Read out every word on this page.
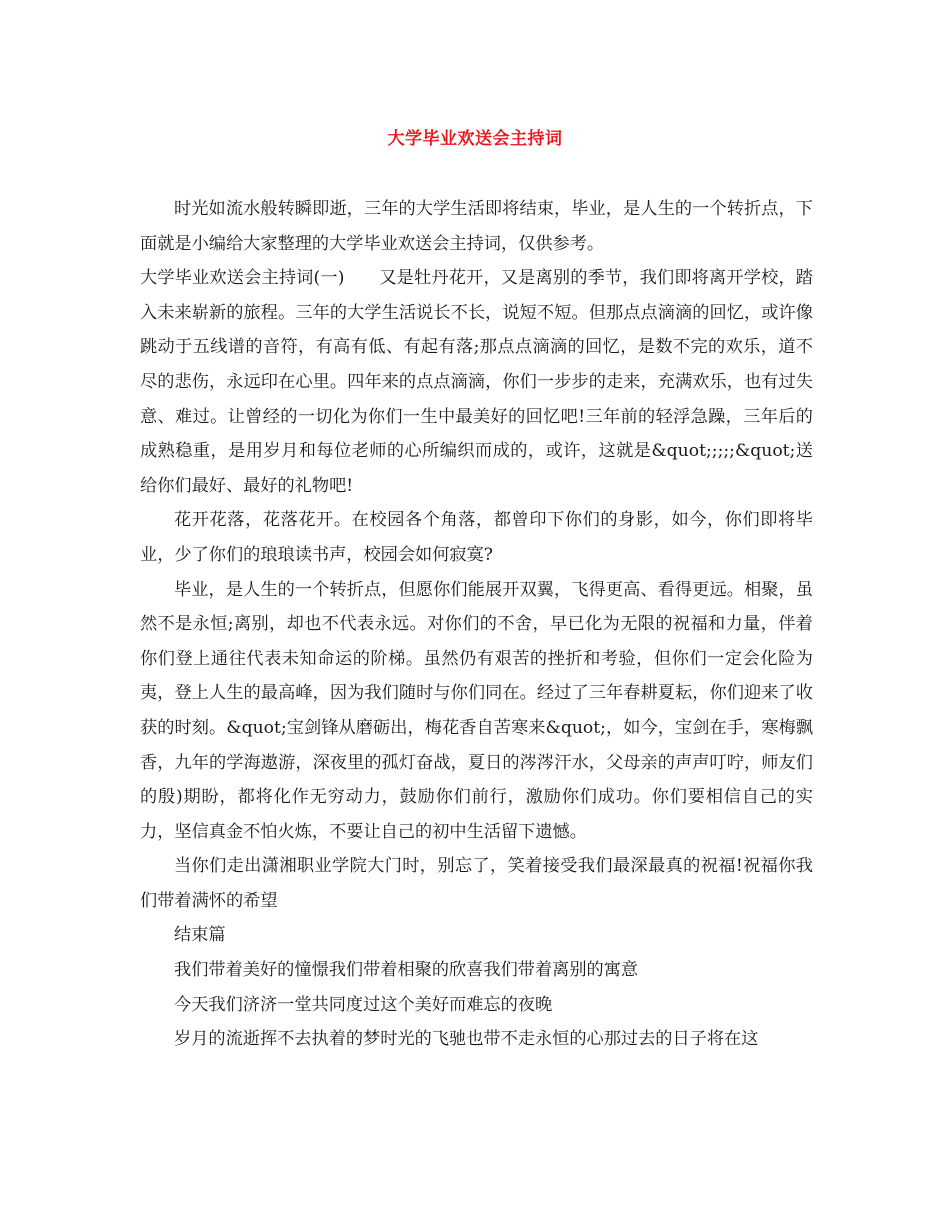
大学毕业欢送会主持词

时光如流水般转瞬即逝，三年的大学生活即将结束，毕业，是人生的一个转折点，下面就是小编给大家整理的大学毕业欢送会主持词，仅供参考。

大学毕业欢送会主持词(一)　　又是牡丹花开，又是离别的季节，我们即将离开学校，踏入未来崭新的旅程。三年的大学生活说长不长，说短不短。但那点点滴滴的回忆，或许像跳动于五线谱的音符，有高有低、有起有落;那点点滴滴的回忆，是数不完的欢乐，道不尽的悲伤，永远印在心里。四年来的点点滴滴，你们一步步的走来，充满欢乐，也有过失意、难过。让曾经的一切化为你们一生中最美好的回忆吧!三年前的轻浮急躁，三年后的成熟稳重，是用岁月和每位老师的心所编织而成的，或许，这就是&quot;;;;;&quot;送给你们最好、最好的礼物吧!

花开花落，花落花开。在校园各个角落，都曾印下你们的身影，如今，你们即将毕业，少了你们的琅琅读书声，校园会如何寂寞?

毕业，是人生的一个转折点，但愿你们能展开双翼，飞得更高、看得更远。相聚，虽然不是永恒;离别，却也不代表永远。对你们的不舍，早已化为无限的祝福和力量，伴着你们登上通往代表未知命运的阶梯。虽然仍有艰苦的挫折和考验，但你们一定会化险为夷，登上人生的最高峰，因为我们随时与你们同在。经过了三年春耕夏耘，你们迎来了收获的时刻。&quot;宝剑锋从磨砺出，梅花香自苦寒来&quot;，如今，宝剑在手，寒梅飘香，九年的学海遨游，深夜里的孤灯奋战，夏日的涔涔汗水，父母亲的声声叮咛，师友们的殷)期盼，都将化作无穷动力，鼓励你们前行，激励你们成功。你们要相信自己的实力，坚信真金不怕火炼，不要让自己的初中生活留下遗憾。

当你们走出潇湘职业学院大门时，别忘了，笑着接受我们最深最真的祝福!祝福你我们带着满怀的希望

结束篇

我们带着美好的憧憬我们带着相聚的欣喜我们带着离别的寓意

今天我们济济一堂共同度过这个美好而难忘的夜晚

岁月的流逝挥不去执着的梦时光的飞驰也带不走永恒的心那过去的日子将在这
